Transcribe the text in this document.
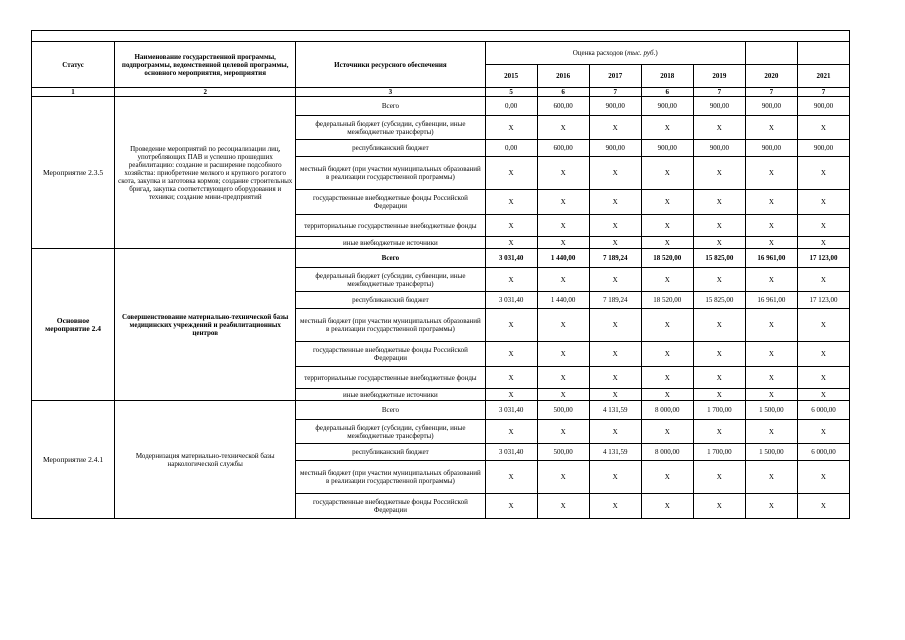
Статус	Наименование государственной программы, подпрограммы, ведомственной целевой программы, основного мероприятия, мероприятия	Источники ресурсного обеспечения	Оценка расходов (тыс. руб.)						
			2015	2016	2017	2018	2019	2020	2021
1	2	3	5	6	7	6	7	7	7
Мероприятие 2.3.5	Проведение мероприятий по ресоциализации лиц, употребляющих ПАВ и успешно прошедших реабилитацию: создание и расширение подсобного хозяйства: приобретение мелкого и крупного рогатого скота, закупка и заготовка кормов; создание строительных бригад, закупка соответствующего оборудования и техники; создание мини-предприятий	Всего	0,00	600,00	900,00	900,00	900,00	900,00	900,00
		федеральный бюджет (субсидии, субвенции, иные межбюджетные трансферты)	X	X	X	X	X	X	X
		республиканский бюджет	0,00	600,00	900,00	900,00	900,00	900,00	900,00
		местный бюджет (при участии муниципальных образований в реализации государственной программы)	X	X	X	X	X	X	X
		государственные внебюджетные фонды Российской Федерации	X	X	X	X	X	X	X
		территориальные государственные внебюджетные фонды	X	X	X	X	X	X	X
		иные внебюджетные источники	X	X	X	X	X	X	X
Основное мероприятие 2.4	Совершенствование материально-технической базы медицинских учреждений и реабилитационных центров	Всего	3 031,40	1 440,00	7 189,24	18 520,00	15 825,00	16 961,00	17 123,00
		федеральный бюджет (субсидии, субвенции, иные межбюджетные трансферты)	X	X	X	X	X	X	X
		республиканский бюджет	3 031,40	1 440,00	7 189,24	18 520,00	15 825,00	16 961,00	17 123,00
		местный бюджет (при участии муниципальных образований в реализации государственной программы)	X	X	X	X	X	X	X
		государственные внебюджетные фонды Российской Федерации	X	X	X	X	X	X	X
		территориальные государственные внебюджетные фонды	X	X	X	X	X	X	X
		иные внебюджетные источники	X	X	X	X	X	X	X
Мероприятие 2.4.1	Модернизация материально-технической базы наркологической службы	Всего	3 031,40	500,00	4 131,59	8 000,00	1 700,00	1 500,00	6 000,00
		федеральный бюджет (субсидии, субвенции, иные межбюджетные трансферты)	X	X	X	X	X	X	X
		республиканский бюджет	3 031,40	500,00	4 131,59	8 000,00	1 700,00	1 500,00	6 000,00
		местный бюджет (при участии муниципальных образований в реализации государственной программы)	X	X	X	X	X	X	X
		государственные внебюджетные фонды Российской Федерации	X	X	X	X	X	X	X
